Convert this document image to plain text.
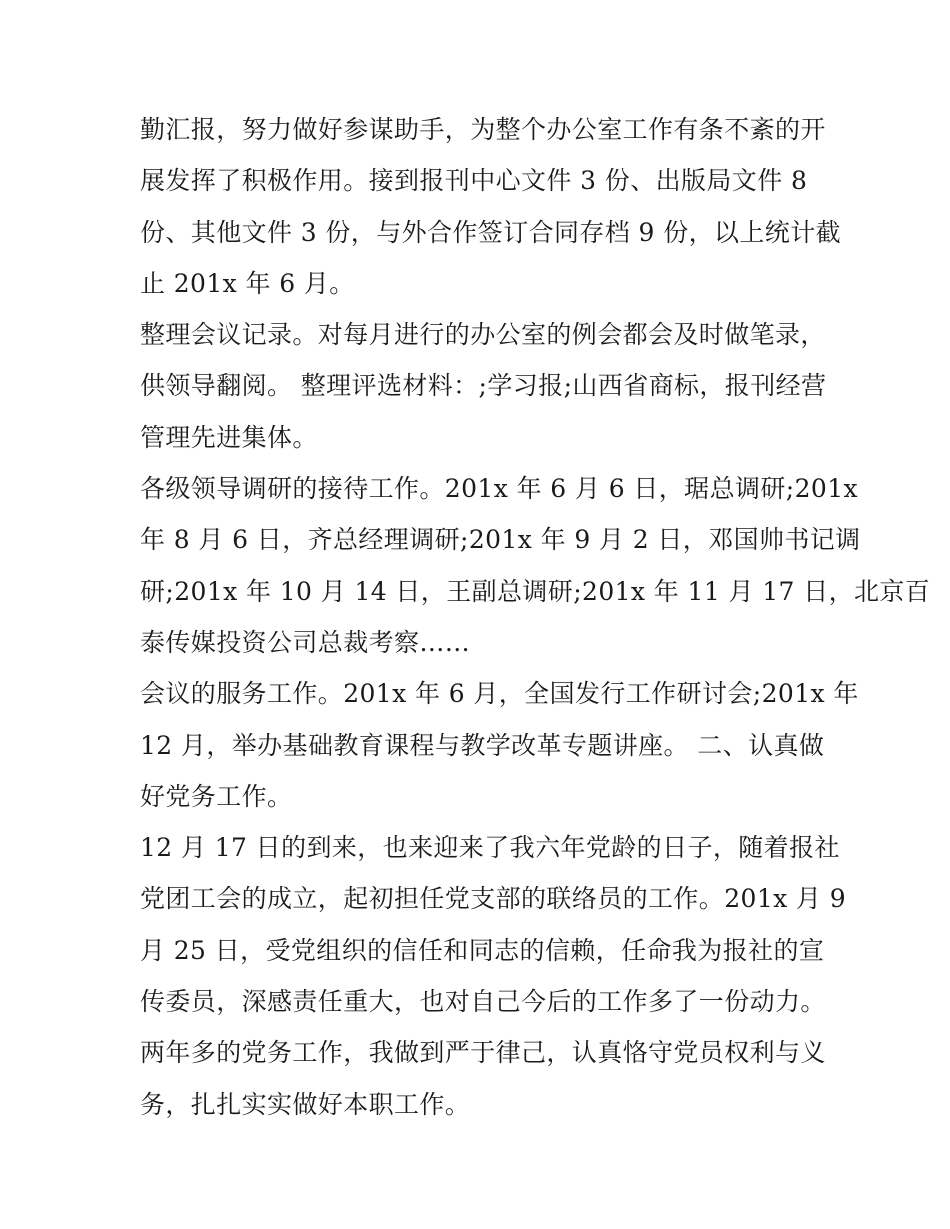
勤汇报，努力做好参谋助手，为整个办公室工作有条不紊的开
展发挥了积极作用。接到报刊中心文件 3 份、出版局文件 8
份、其他文件 3 份，与外合作签订合同存档 9 份，以上统计截
止 201x 年 6 月。
整理会议记录。对每月进行的办公室的例会都会及时做笔录，
供领导翻阅。 整理评选材料：;学习报;山西省商标，报刊经营
管理先进集体。
各级领导调研的接待工作。201x 年 6 月 6 日，琚总调研;201x
年 8 月 6 日，齐总经理调研;201x 年 9 月 2 日，邓国帅书记调
研;201x 年 10 月 14 日，王副总调研;201x 年 11 月 17 日，北京百
泰传媒投资公司总裁考察……
会议的服务工作。201x 年 6 月，全国发行工作研讨会;201x 年
12 月，举办基础教育课程与教学改革专题讲座。 二、认真做
好党务工作。
12 月 17 日的到来，也来迎来了我六年党龄的日子，随着报社
党团工会的成立，起初担任党支部的联络员的工作。201x 月 9
月 25 日，受党组织的信任和同志的信赖，任命我为报社的宣
传委员，深感责任重大，也对自己今后的工作多了一份动力。
两年多的党务工作，我做到严于律己，认真恪守党员权利与义
务，扎扎实实做好本职工作。
